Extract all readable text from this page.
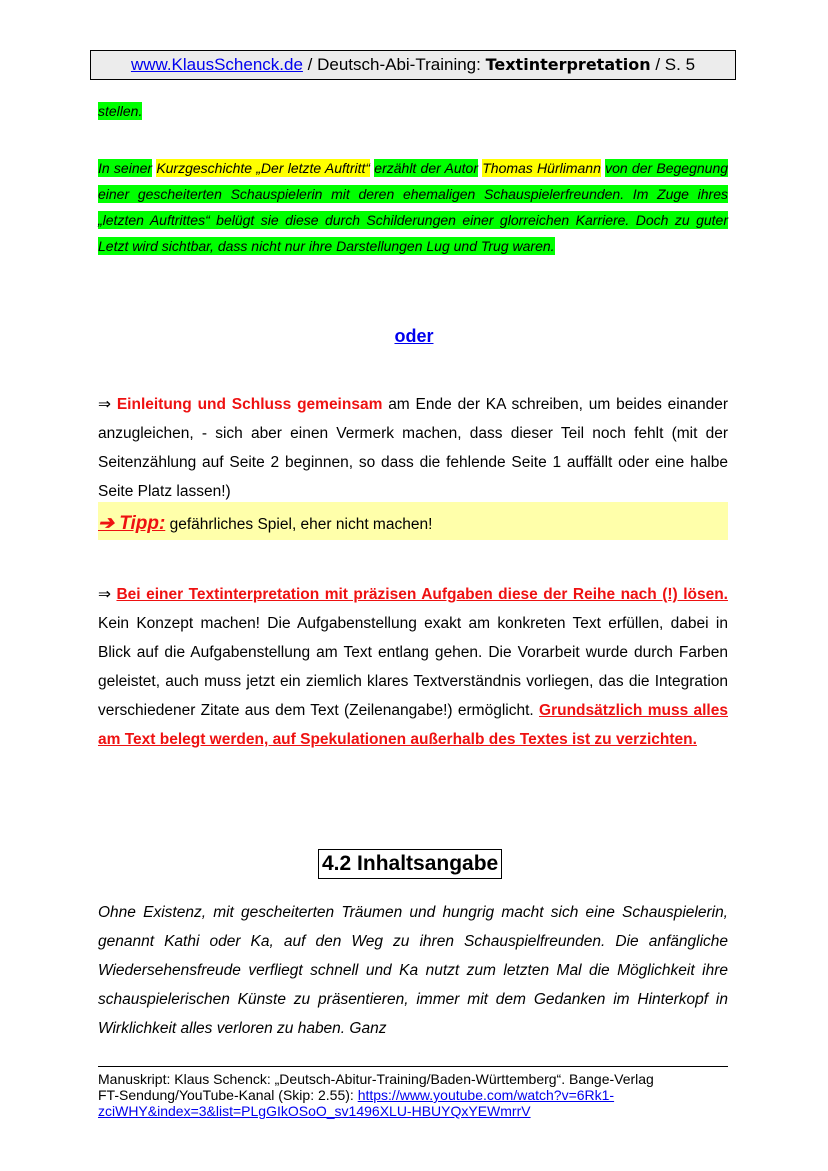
www.KlausSchenck.de / Deutsch-Abi-Training: Textinterpretation / S. 5
stellen.
In seiner Kurzgeschichte „Der letzte Auftritt“ erzählt der Autor Thomas Hürlimann von der Begegnung einer gescheiterten Schauspielerin mit deren ehemaligen Schauspielerfreunden. Im Zuge ihres „letzten Auftrittes“ belügt sie diese durch Schilderungen einer glorreichen Karriere. Doch zu guter Letzt wird sichtbar, dass nicht nur ihre Darstellungen Lug und Trug waren.
oder
⇒ Einleitung und Schluss gemeinsam am Ende der KA schreiben, um beides einander anzugleichen, - sich aber einen Vermerk machen, dass dieser Teil noch fehlt (mit der Seitenzählung auf Seite 2 beginnen, so dass die fehlende Seite 1 auffällt oder eine halbe Seite Platz lassen!)
➔ Tipp: gefährliches Spiel, eher nicht machen!
⇒ Bei einer Textinterpretation mit präzisen Aufgaben diese der Reihe nach (!) lösen. Kein Konzept machen! Die Aufgabenstellung exakt am konkreten Text erfüllen, dabei in Blick auf die Aufgabenstellung am Text entlang gehen. Die Vorarbeit wurde durch Farben geleistet, auch muss jetzt ein ziemlich klares Textverständnis vorliegen, das die Integration verschiedener Zitate aus dem Text (Zeilenangabe!) ermöglicht. Grundsätzlich muss alles am Text belegt werden, auf Spekulationen außerhalb des Textes ist zu verzichten.
4.2 Inhaltsangabe
Ohne Existenz, mit gescheiterten Träumen und hungrig macht sich eine Schauspielerin, genannt Kathi oder Ka, auf den Weg zu ihren Schauspielfreunden. Die anfängliche Wiedersehensfreude verfliegt schnell und Ka nutzt zum letzten Mal die Möglichkeit ihre schauspielerischen Künste zu präsentieren, immer mit dem Gedanken im Hinterkopf in Wirklichkeit alles verloren zu haben. Ganz
Manuskript: Klaus Schenck: „Deutsch-Abitur-Training/Baden-Württemberg“. Bange-Verlag
FT-Sendung/YouTube-Kanal (Skip: 2.55): https://www.youtube.com/watch?v=6Rk1-
zciWHY&index=3&list=PLgGIkOSoO_sv1496XLU-HBUYQxYEWmrrV
